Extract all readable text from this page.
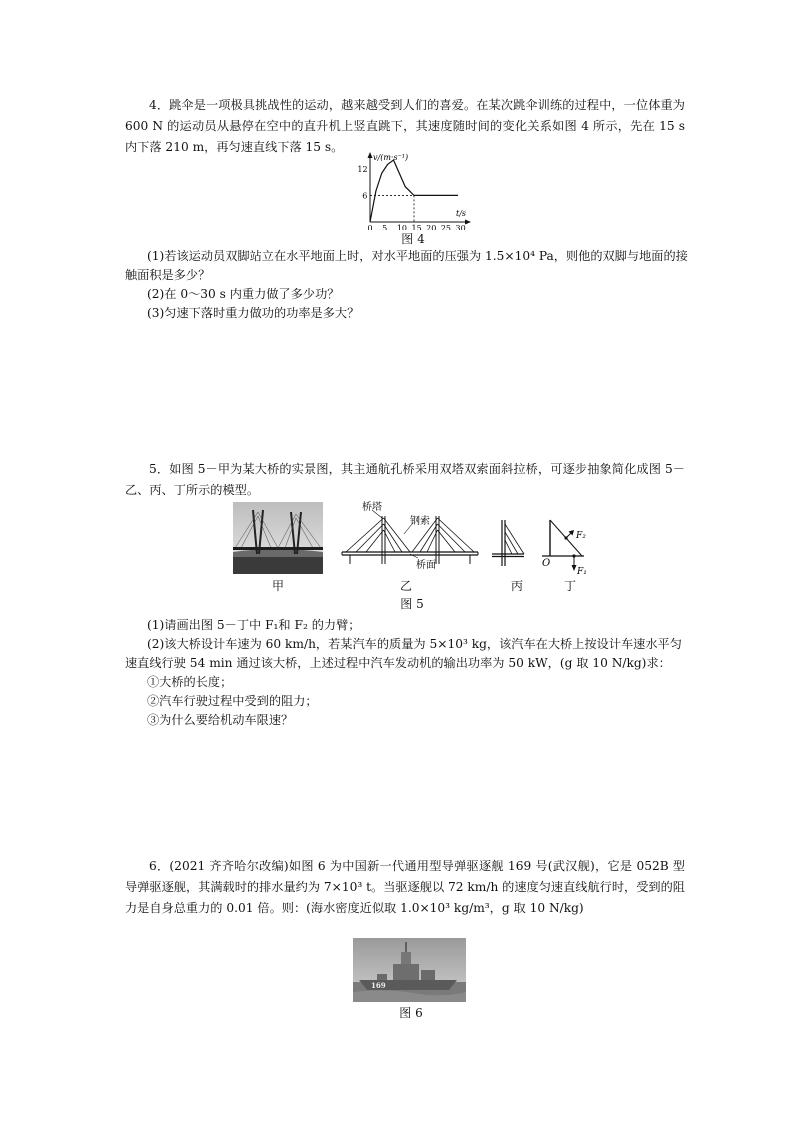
4．跳伞是一项极具挑战性的运动，越来越受到人们的喜爱。在某次跳伞训练的过程中，一位体重为 600 N 的运动员从悬停在空中的直升机上竖直跳下，其速度随时间的变化关系如图 4 所示，先在 15 s 内下落 210 m，再匀速直线下落 15 s。
v/(m·s⁻¹)
t/s
6
12
0 5 10 15 20 25 30
图 4
(1)若该运动员双脚站立在水平地面上时，对水平地面的压强为 1.5×10⁴ Pa，则他的双脚与地面的接触面积是多少？
(2)在 0～30 s 内重力做了多少功？
(3)匀速下落时重力做功的功率是多大？
5．如图 5－甲为某大桥的实景图，其主通航孔桥采用双塔双索面斜拉桥，可逐步抽象简化成图 5－乙、丙、丁所示的模型。
桥塔
钢索
桥面	O
F₂
F₁
甲	乙	丙	丁
图 5
(1)请画出图 5－丁中 F₁和 F₂ 的力臂；
(2)该大桥设计车速为 60 km/h，若某汽车的质量为 5×10³ kg，该汽车在大桥上按设计车速水平匀速直线行驶 54 min 通过该大桥，上述过程中汽车发动机的输出功率为 50 kW，(g 取 10 N/kg)求：
①大桥的长度；
②汽车行驶过程中受到的阻力；
③为什么要给机动车限速？
6．(2021 齐齐哈尔改编)如图 6 为中国新一代通用型导弹驱逐舰 169 号(武汉舰)，它是 052B 型导弹驱逐舰，其满载时的排水量约为 7×10³ t。当驱逐舰以 72 km/h 的速度匀速直线航行时，受到的阻力是自身总重力的 0.01 倍。则：(海水密度近似取 1.0×10³ kg/m³，g 取 10 N/kg)
169
图 6
